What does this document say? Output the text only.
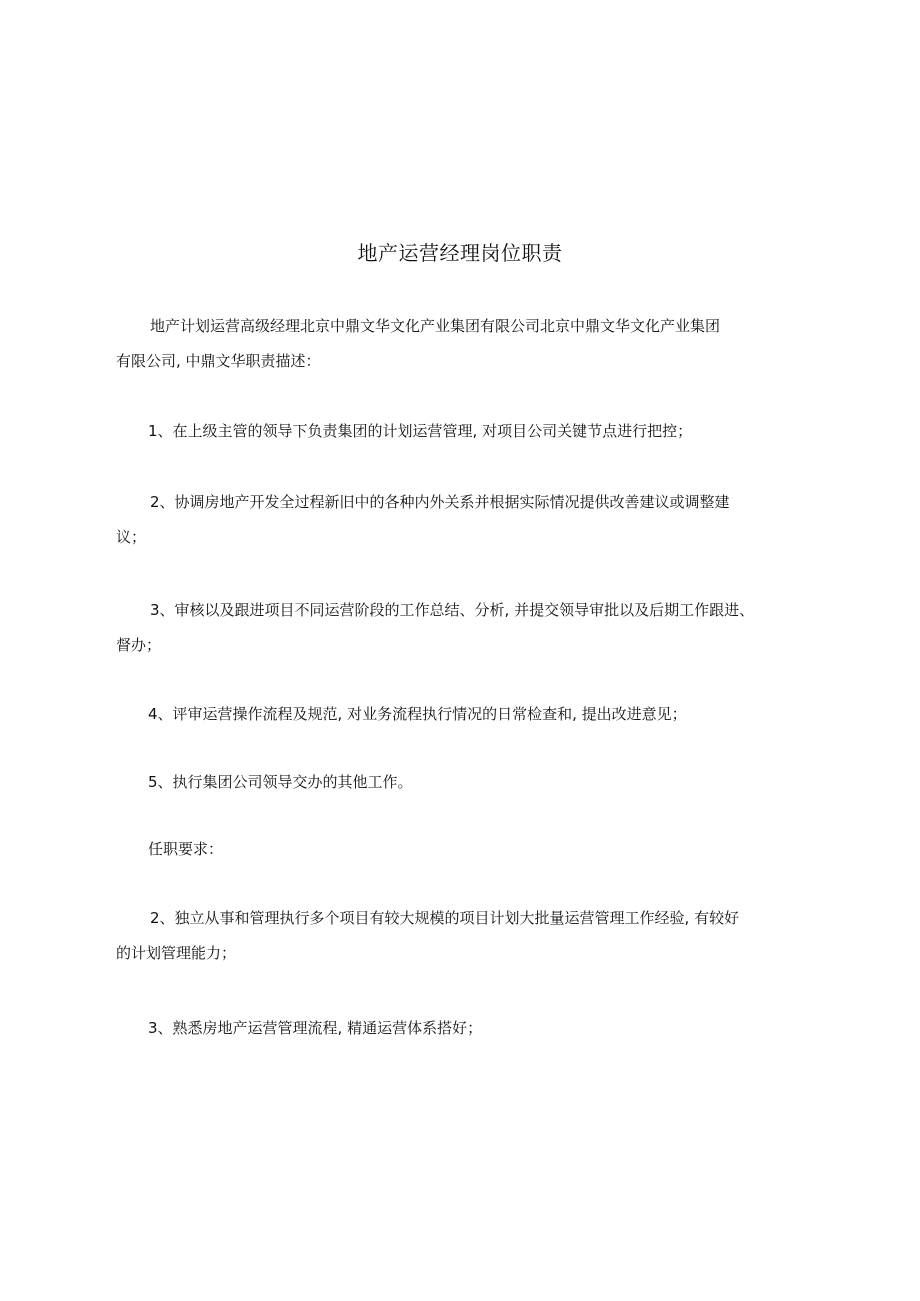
地产运营经理岗位职责
地产计划运营高级经理北京中鼎文华文化产业集团有限公司北京中鼎文华文化产业集团
有限公司, 中鼎文华职责描述：
1、在上级主管的领导下负责集团的计划运营管理, 对项目公司关键节点进行把控；
2、协调房地产开发全过程新旧中的各种内外关系并根据实际情况提供改善建议或调整建
议；
3、审核以及跟进项目不同运营阶段的工作总结、分析, 并提交领导审批以及后期工作跟进、
督办；
4、评审运营操作流程及规范, 对业务流程执行情况的日常检查和, 提出改进意见；
5、执行集团公司领导交办的其他工作。
任职要求：
2、独立从事和管理执行多个项目有较大规模的项目计划大批量运营管理工作经验, 有较好
的计划管理能力；
3、熟悉房地产运营管理流程, 精通运营体系搭好；
